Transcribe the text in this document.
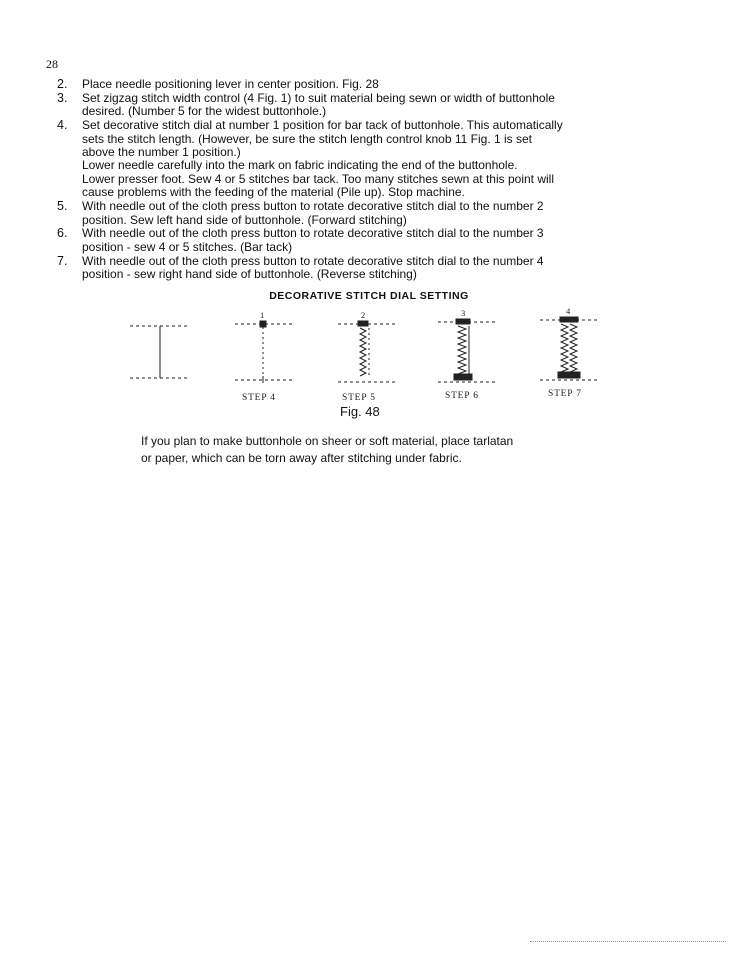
28
2.	Place needle positioning lever in center position. Fig. 28

3.	Set zigzag stitch width control (4 Fig. 1) to suit material being sewn or width of buttonhole

desired. (Number 5 for the widest buttonhole.)

4.	Set decorative stitch dial at number 1 position for bar tack of buttonhole. This automatically

sets the stitch length. (However, be sure the stitch length control knob 11 Fig. 1 is set

above the number 1 position.)

Lower needle carefully into the mark on fabric indicating the end of the buttonhole.

Lower presser foot. Sew 4 or 5 stitches bar tack. Too many stitches sewn at this point will

cause problems with the feeding of the material (Pile up). Stop machine.

5.	With needle out of the cloth press button to rotate decorative stitch dial to the number 2

position. Sew left hand side of buttonhole. (Forward stitching)

6.	With needle out of the cloth press button to rotate decorative stitch dial to the number 3

position - sew 4 or 5 stitches. (Bar tack)

7.	With needle out of the cloth press button to rotate decorative stitch dial to the number 4

position - sew right hand side of buttonhole. (Reverse stitching)

DECORATIVE STITCH DIAL SETTING
1	2	3	4
STEP 4	STEP 5	STEP 6	STEP 7
Fig. 48

If you plan to make buttonhole on sheer or soft material, place tarlatan

or paper, which can be torn away after stitching under fabric.
